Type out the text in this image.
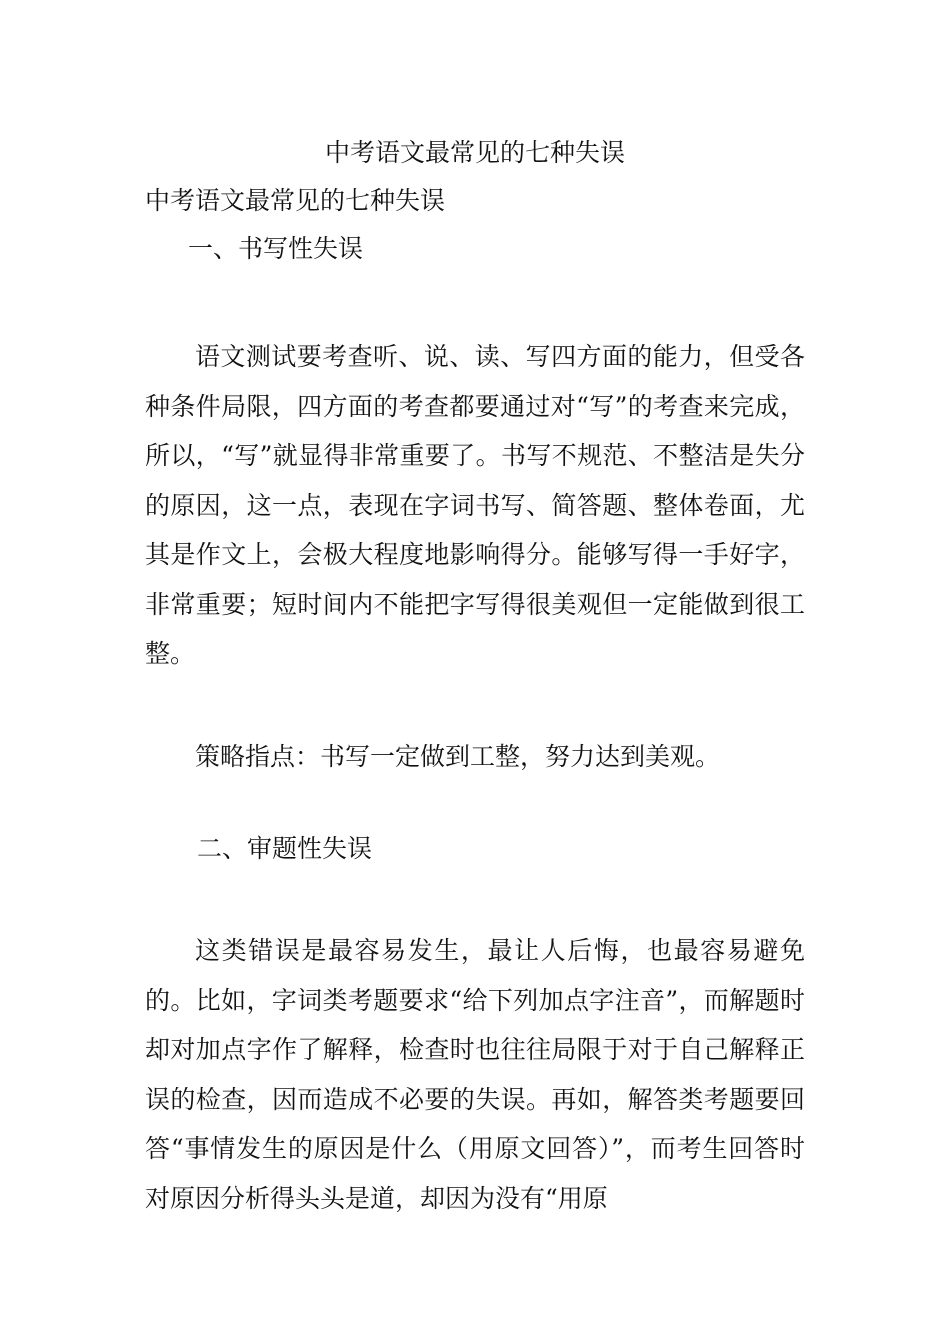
中考语文最常见的七种失误
中考语文最常见的七种失误
一、书写性失误
语文测试要考查听、说、读、写四方面的能力，但受各种条件局限，四方面的考查都要通过对“写”的考查来完成，所以，“写”就显得非常重要了。书写不规范、不整洁是失分的原因，这一点，表现在字词书写、简答题、整体卷面，尤其是作文上，会极大程度地影响得分。能够写得一手好字，非常重要；短时间内不能把字写得很美观但一定能做到很工整。
策略指点：书写一定做到工整，努力达到美观。
二、审题性失误
这类错误是最容易发生，最让人后悔，也最容易避免的。比如，字词类考题要求“给下列加点字注音”，而解题时却对加点字作了解释，检查时也往往局限于对于自己解释正误的检查，因而造成不必要的失误。再如，解答类考题要回答“事情发生的原因是什么（用原文回答）”，而考生回答时对原因分析得头头是道，却因为没有“用原
